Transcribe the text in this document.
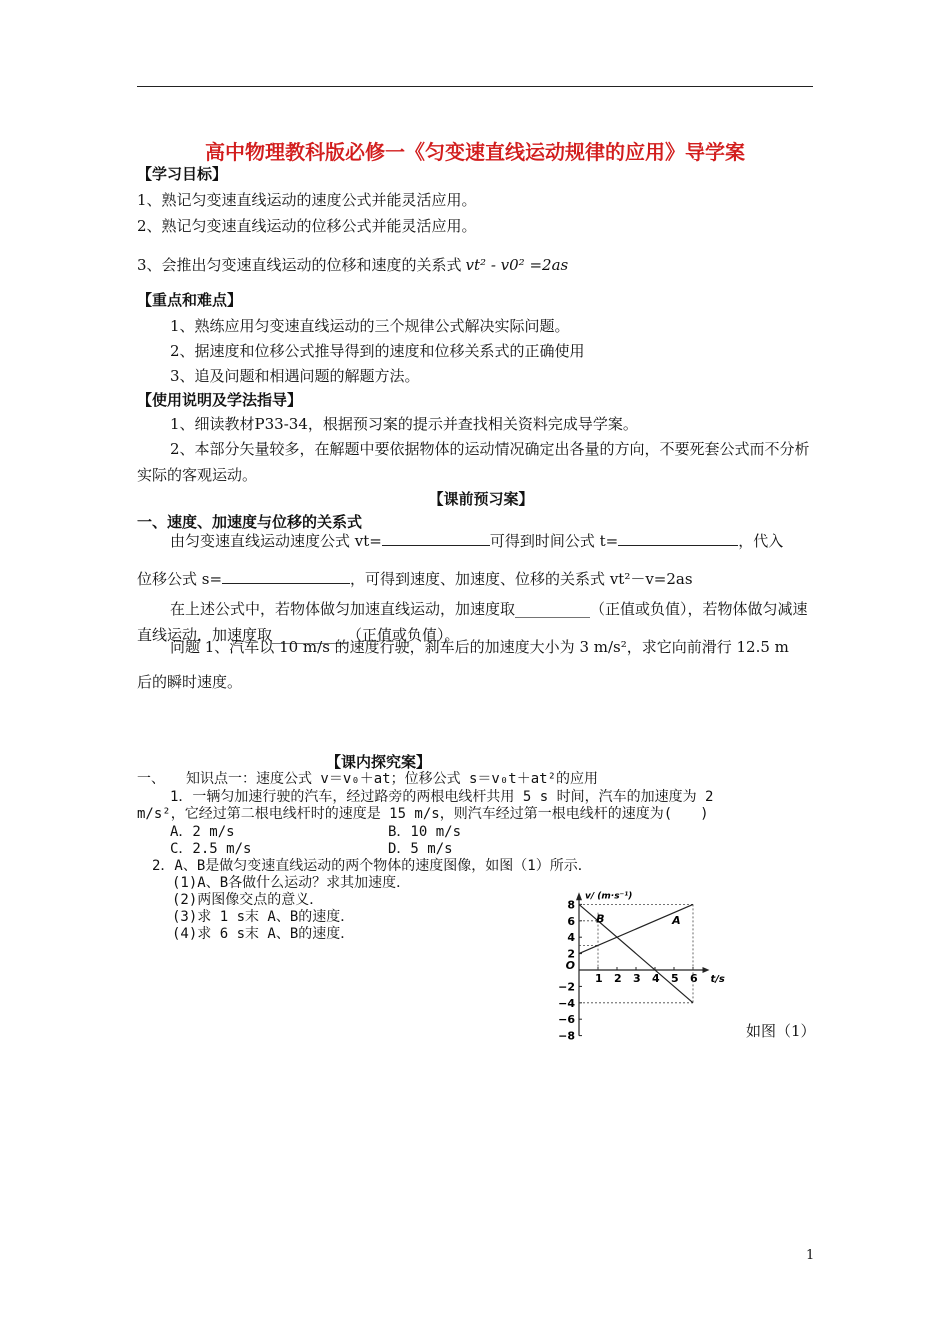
高中物理教科版必修一《匀变速直线运动规律的应用》导学案
【学习目标】
1、熟记匀变速直线运动的速度公式并能灵活应用。
2、熟记匀变速直线运动的位移公式并能灵活应用。
3、会推出匀变速直线运动的位移和速度的关系式 vt² - v0² =2as
【重点和难点】
1、熟练应用匀变速直线运动的三个规律公式解决实际问题。
2、据速度和位移公式推导得到的速度和位移关系式的正确使用
3、追及问题和相遇问题的解题方法。
【使用说明及学法指导】
1、细读教材P33-34，根据预习案的提示并查找相关资料完成导学案。
2、本部分矢量较多，在解题中要依据物体的运动情况确定出各量的方向，不要死套公式而不分析实际的客观运动。
【课前预习案】
一、速度、加速度与位移的关系式
由匀变速直线运动速度公式 vt=	可得到时间公式 t=	，代入
位移公式 s=	，可得到速度、加速度、位移的关系式 vt²－v=2as
在上述公式中，若物体做匀加速直线运动，加速度取__________（正值或负值），若物体做匀减速直线运动，加速度取__________（正值或负值）。
问题 1、汽车以 10 m/s 的速度行驶，刹车后的加速度大小为 3 m/s²，求它向前滑行 12.5 m
后的瞬时速度。
【课内探究案】
一、　　知识点一：速度公式 v＝v₀＋at；位移公式 s＝v₀t＋at²的应用
1．一辆匀加速行驶的汽车，经过路旁的两根电线杆共用 5 s 时间，汽车的加速度为 2
m/s²，它经过第二根电线杆时的速度是 15 m/s，则汽车经过第一根电线杆的速度为(　　)
A．2 m/s	B．10 m/s
C．2.5 m/s	D．5 m/s
2．A、B是做匀变速直线运动的两个物体的速度图像，如图（1）所示．
(1)A、B各做什么运动？求其加速度．
(2)两图像交点的意义．
(3)求 1 s末 A、B的速度．
(4)求 6 s末 A、B的速度．
v/ (m·s⁻¹)
t/s
1 2 3 4 5 6
8
6
4
2
O
−2
−4
−6
−8
A
B
如图（1）
1
